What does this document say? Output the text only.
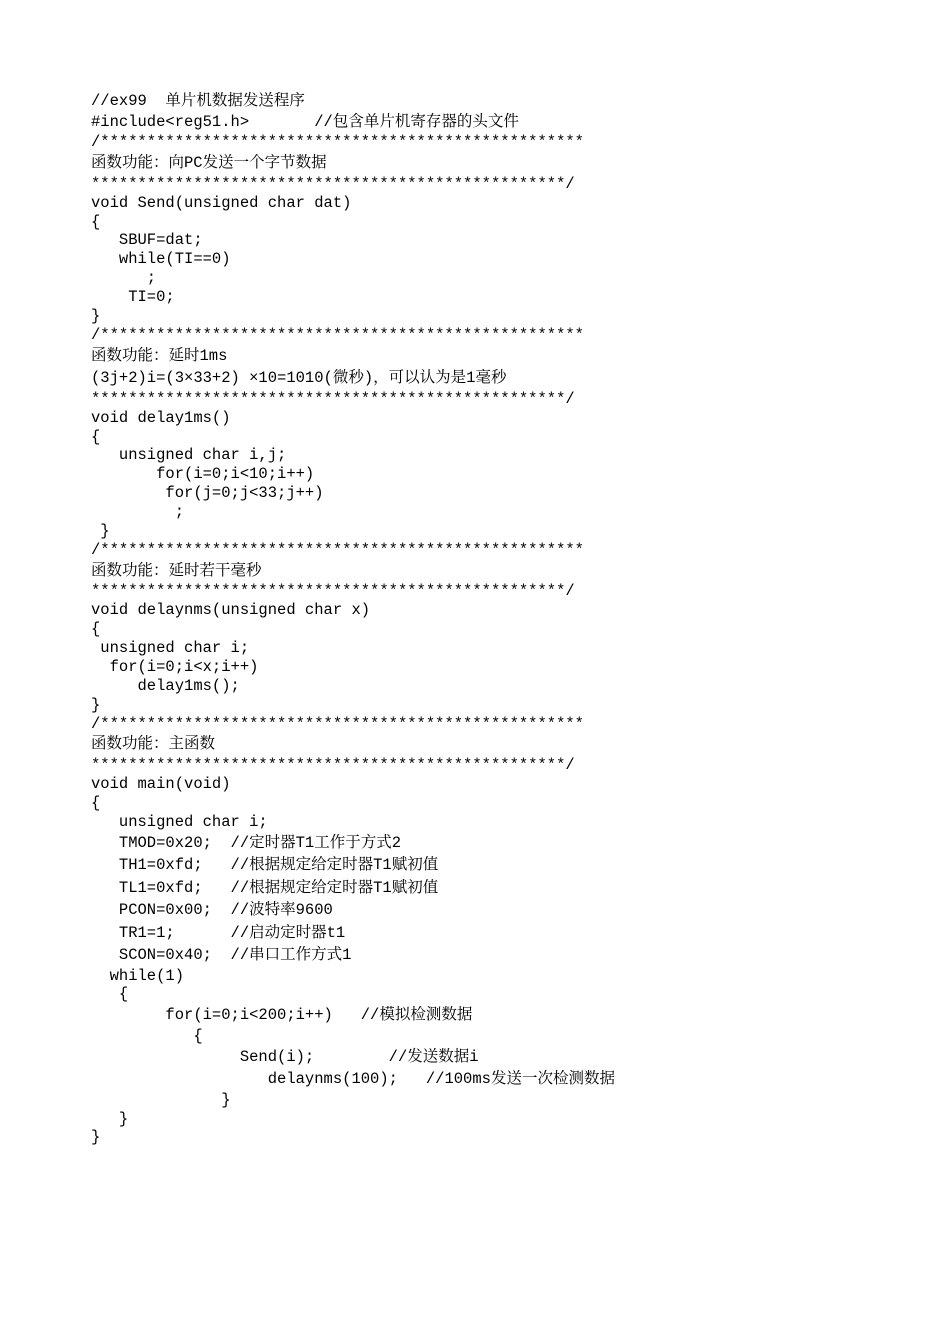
//ex99  单片机数据发送程序
#include<reg51.h>       //包含单片机寄存器的头文件
/****************************************************
函数功能：向PC发送一个字节数据
***************************************************/
void Send(unsigned char dat)
{
SBUF=dat;
while(TI==0)
;
TI=0;
}
/****************************************************
函数功能：延时1ms
(3j+2)i=(3×33+2) ×10=1010(微秒)，可以认为是1毫秒
***************************************************/
void delay1ms()
{
unsigned char i,j;
for(i=0;i<10;i++)
for(j=0;j<33;j++)
;
}
/****************************************************
函数功能：延时若干毫秒
***************************************************/
void delaynms(unsigned char x)
{
unsigned char i;
for(i=0;i<x;i++)
delay1ms();
}
/****************************************************
函数功能：主函数
***************************************************/
void main(void)
{
unsigned char i;
TMOD=0x20;  //定时器T1工作于方式2
TH1=0xfd;   //根据规定给定时器T1赋初值
TL1=0xfd;   //根据规定给定时器T1赋初值
PCON=0x00;  //波特率9600
TR1=1;      //启动定时器t1
SCON=0x40;  //串口工作方式1
while(1)
{
for(i=0;i<200;i++)   //模拟检测数据
{
Send(i);        //发送数据i
delaynms(100);   //100ms发送一次检测数据
}
}
}
